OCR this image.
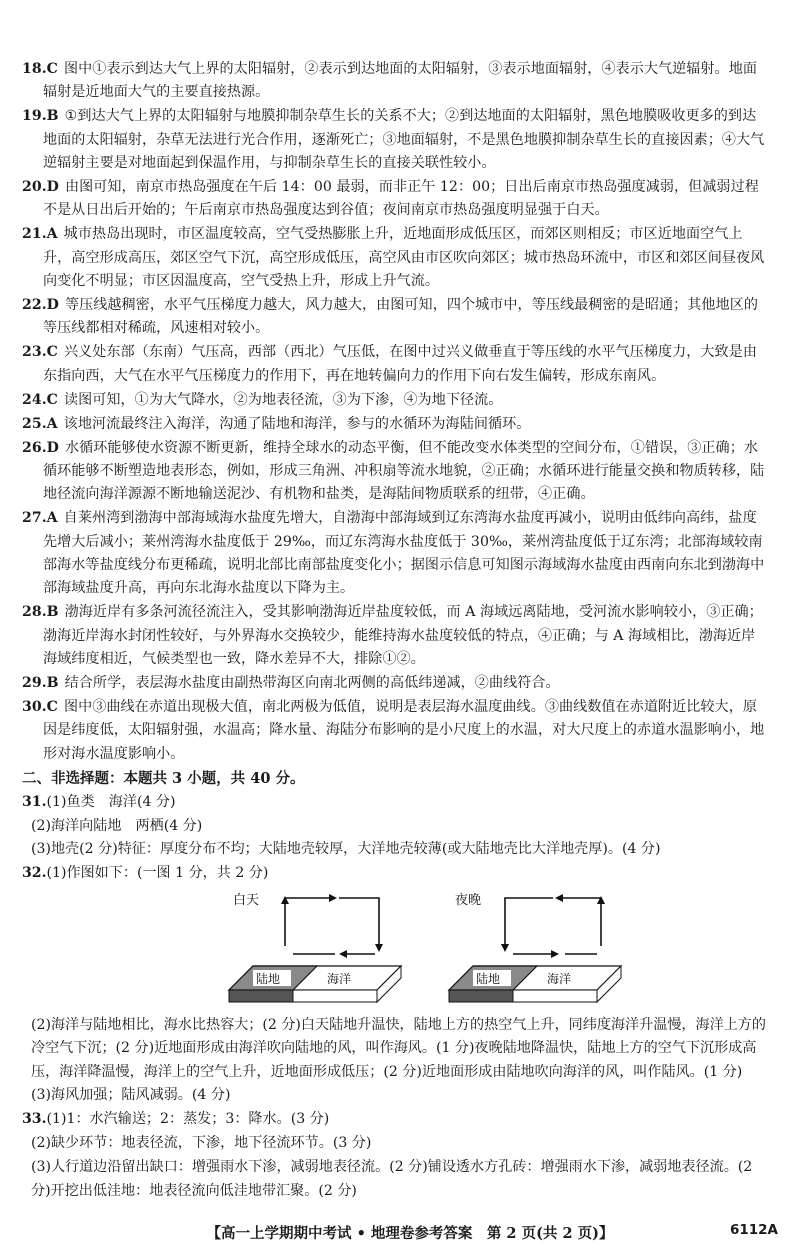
18.C 图中①表示到达大气上界的太阳辐射，②表示到达地面的太阳辐射，③表示地面辐射，④表示大气逆辐射。地面辐射是近地面大气的主要直接热源。
19.B ①到达大气上界的太阳辐射与地膜抑制杂草生长的关系不大；②到达地面的太阳辐射，黑色地膜吸收更多的到达地面的太阳辐射，杂草无法进行光合作用，逐渐死亡；③地面辐射，不是黑色地膜抑制杂草生长的直接因素；④大气逆辐射主要是对地面起到保温作用，与抑制杂草生长的直接关联性较小。
20.D 由图可知，南京市热岛强度在午后 14：00 最弱，而非正午 12：00；日出后南京市热岛强度减弱，但减弱过程不是从日出后开始的；午后南京市热岛强度达到谷值；夜间南京市热岛强度明显强于白天。
21.A 城市热岛出现时，市区温度较高，空气受热膨胀上升，近地面形成低压区，而郊区则相反；市区近地面空气上升，高空形成高压，郊区空气下沉，高空形成低压，高空风由市区吹向郊区；城市热岛环流中，市区和郊区间昼夜风向变化不明显；市区因温度高，空气受热上升，形成上升气流。
22.D 等压线越稠密，水平气压梯度力越大，风力越大，由图可知，四个城市中，等压线最稠密的是昭通；其他地区的等压线都相对稀疏，风速相对较小。
23.C 兴义处东部（东南）气压高，西部（西北）气压低，在图中过兴义做垂直于等压线的水平气压梯度力，大致是由东指向西，大气在水平气压梯度力的作用下，再在地转偏向力的作用下向右发生偏转，形成东南风。
24.C 读图可知，①为大气降水，②为地表径流，③为下渗，④为地下径流。
25.A 该地河流最终注入海洋，沟通了陆地和海洋，参与的水循环为海陆间循环。
26.D 水循环能够使水资源不断更新，维持全球水的动态平衡，但不能改变水体类型的空间分布，①错误，③正确；水循环能够不断塑造地表形态，例如，形成三角洲、冲积扇等流水地貌，②正确；水循环进行能量交换和物质转移，陆地径流向海洋源源不断地输送泥沙、有机物和盐类，是海陆间物质联系的纽带，④正确。
27.A 自莱州湾到渤海中部海域海水盐度先增大，自渤海中部海域到辽东湾海水盐度再减小，说明由低纬向高纬，盐度先增大后减小；莱州湾海水盐度低于 29‰，而辽东湾海水盐度低于 30‰，莱州湾盐度低于辽东湾；北部海域较南部海水等盐度线分布更稀疏，说明北部比南部盐度变化小；据图示信息可知图示海域海水盐度由西南向东北到渤海中部海域盐度升高，再向东北海水盐度以下降为主。
28.B 渤海近岸有多条河流径流注入，受其影响渤海近岸盐度较低，而 A 海域远离陆地，受河流水影响较小，③正确；渤海近岸海水封闭性较好，与外界海水交换较少，能维持海水盐度较低的特点，④正确；与 A 海域相比，渤海近岸海域纬度相近，气候类型也一致，降水差异不大，排除①②。
29.B 结合所学，表层海水盐度由副热带海区向南北两侧的高低纬递减，②曲线符合。
30.C 图中③曲线在赤道出现极大值，南北两极为低值，说明是表层海水温度曲线。③曲线数值在赤道附近比较大，原因是纬度低，太阳辐射强，水温高；降水量、海陆分布影响的是小尺度上的水温，对大尺度上的赤道水温影响小，地形对海水温度影响小。
二、非选择题：本题共 3 小题，共 40 分。
31.(1)鱼类　海洋(4 分)
(2)海洋向陆地　两栖(4 分)
(3)地壳(2 分)特征：厚度分布不均；大陆地壳较厚，大洋地壳较薄(或大陆地壳比大洋地壳厚)。(4 分)
32.(1)作图如下：(一图 1 分，共 2 分)
白天
陆地	海洋
夜晚
陆地	海洋
(2)海洋与陆地相比，海水比热容大；(2 分)白天陆地升温快，陆地上方的热空气上升，同纬度海洋升温慢，海洋上方的冷空气下沉；(2 分)近地面形成由海洋吹向陆地的风，叫作海风。(1 分)夜晚陆地降温快，陆地上方的空气下沉形成高压，海洋降温慢，海洋上的空气上升，近地面形成低压；(2 分)近地面形成由陆地吹向海洋的风，叫作陆风。(1 分)
(3)海风加强；陆风减弱。(4 分)
33.(1)1：水汽输送；2：蒸发；3：降水。(3 分)
(2)缺少环节：地表径流，下渗，地下径流环节。(3 分)
(3)人行道边沿留出缺口：增强雨水下渗，减弱地表径流。(2 分)铺设透水方孔砖：增强雨水下渗，减弱地表径流。(2 分)开挖出低洼地：地表径流向低洼地带汇聚。(2 分)
【高一上学期期中考试 • 地理卷参考答案　第 2 页(共 2 页)】	6112A
